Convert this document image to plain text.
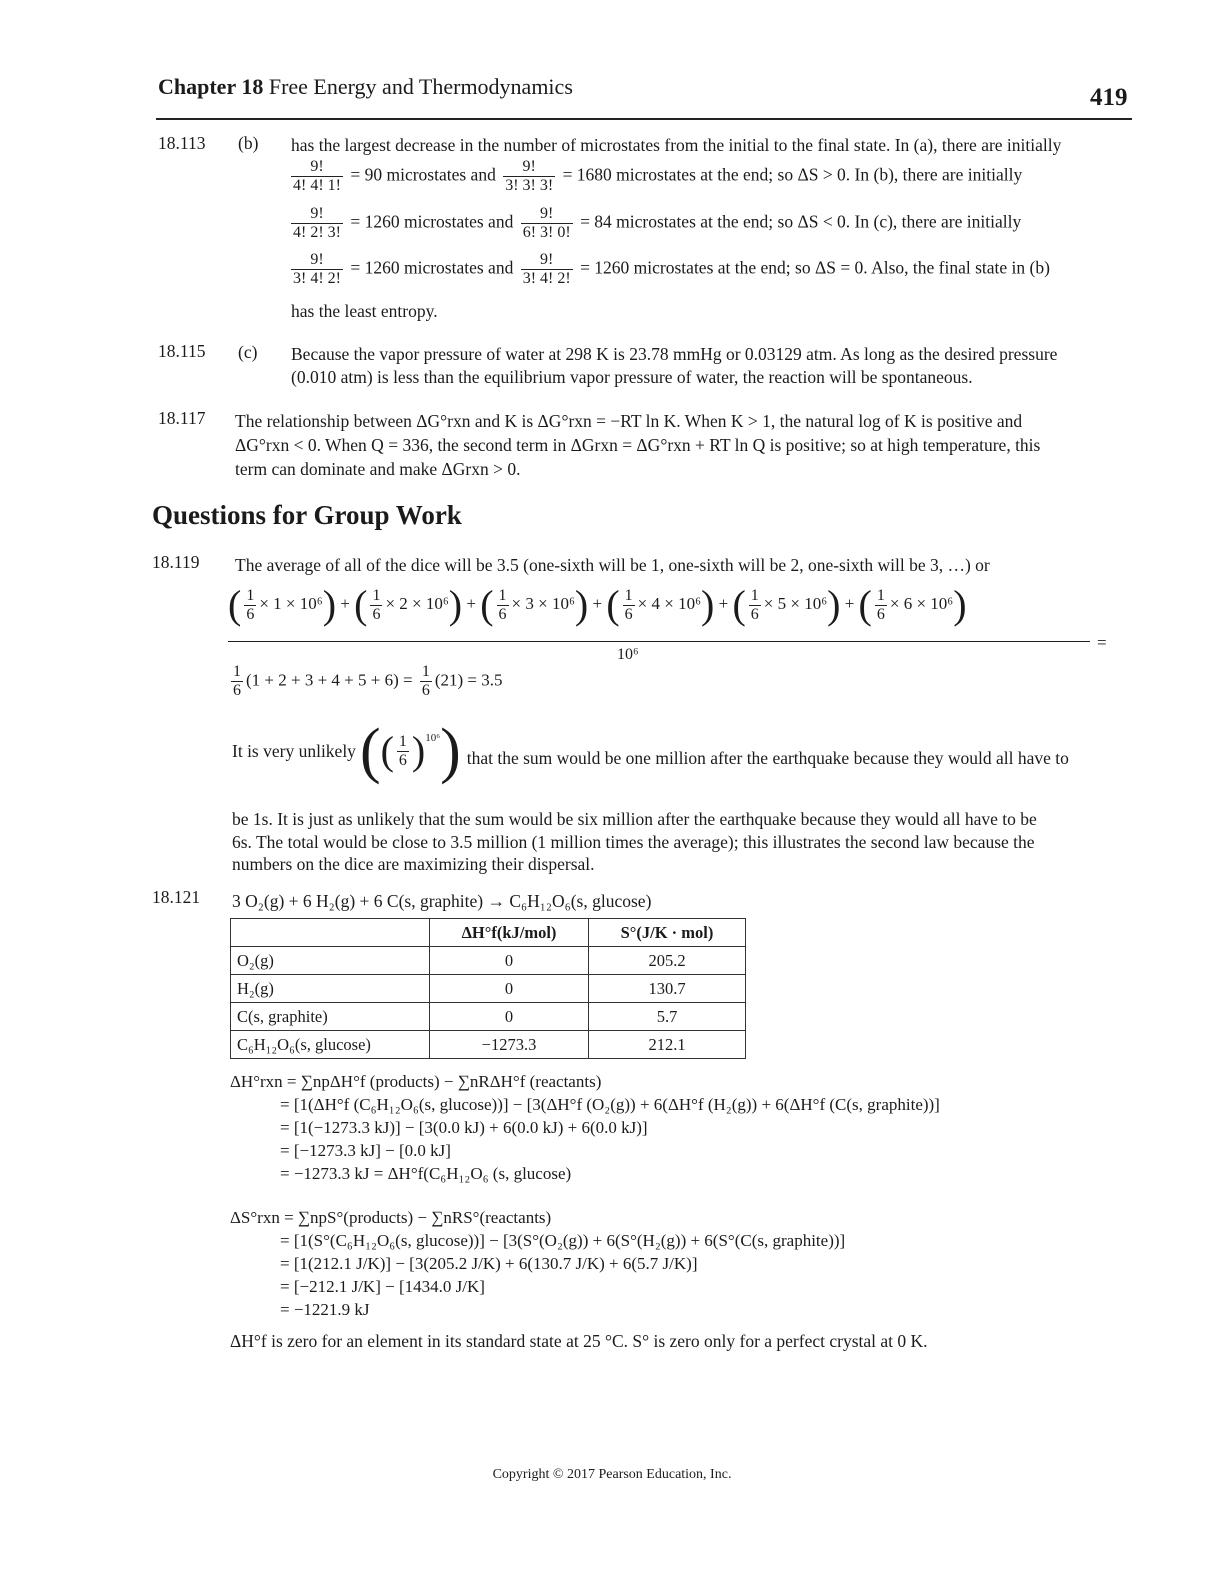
Chapter 18 Free Energy and Thermodynamics	419
18.113 (b) has the largest decrease in the number of microstates from the initial to the final state. In (a), there are initially
$\frac{9!}{4! 4! 1!} = 90$ microstates and $\frac{9!}{3! 3! 3!} = 1680$ microstates at the end; so ΔS > 0. In (b), there are initially
$\frac{9!}{4! 2! 3!} = 1260$ microstates and $\frac{9!}{6! 3! 0!} = 84$ microstates at the end; so ΔS < 0. In (c), there are initially
$\frac{9!}{3! 4! 2!} = 1260$ microstates and $\frac{9!}{3! 4! 2!} = 1260$ microstates at the end; so ΔS = 0. Also, the final state in (b)
has the least entropy.
18.115 (c) Because the vapor pressure of water at 298 K is 23.78 mmHg or 0.03129 atm. As long as the desired pressure
(0.010 atm) is less than the equilibrium vapor pressure of water, the reaction will be spontaneous.
18.117 The relationship between ΔG°rxn and K is ΔG°rxn = −RT ln K. When K > 1, the natural log of K is positive and
ΔG°rxn < 0. When Q = 336, the second term in ΔGrxn = ΔG°rxn + RT ln Q is positive; so at high temperature, this
term can dominate and make ΔGrxn > 0.
Questions for Group Work
18.119 The average of all of the dice will be 3.5 (one-sixth will be 1, one-sixth will be 2, one-sixth will be 3, …) or
( $\frac{1}{6} \times 1 \times 10^6$) + ( $\frac{1}{6} \times 2 \times 10^6$) + ( $\frac{1}{6} \times 3 \times 10^6$) + ( $\frac{1}{6} \times 4 \times 10^6$) + ( $\frac{1}{6} \times 5 \times 10^6$) + ( $\frac{1}{6} \times 6 \times 10^6$)
=
10⁶
$\frac{1}{6} (1 + 2 + 3 + 4 + 5 + 6) = \frac{1}{6} (21) = 3.5$
It is very unlikely ( ( $\frac{1}{6} )^{10^6}$ ) that the sum would be one million after the earthquake because they would all have to
be 1s. It is just as unlikely that the sum would be six million after the earthquake because they would all have to be
6s. The total would be close to 3.5 million (1 million times the average); this illustrates the second law because the
numbers on the dice are maximizing their dispersal.
18.121 3 O₂(g) + 6 H₂(g) + 6 C(s, graphite) → C₆H₁₂O₆(s, glucose)
	ΔH°f(kJ/mol)	S°(J/K · mol)
O₂(g)	0	205.2
H₂(g)	0	130.7
C(s, graphite)	0	5.7
C₆H₁₂O₆(s, glucose)	−1273.3	212.1
ΔH°rxn = ∑npΔH°f (products) − ∑nRΔH°f (reactants)
= [1(ΔH°f (C₆H₁₂O₆(s, glucose))] − [3(ΔH°f (O₂(g)) + 6(ΔH°f (H₂(g)) + 6(ΔH°f (C(s, graphite))]
= [1(−1273.3 kJ)] − [3(0.0 kJ) + 6(0.0 kJ) + 6(0.0 kJ)]
= [−1273.3 kJ] − [0.0 kJ]
= −1273.3 kJ = ΔH°f(C₆H₁₂O₆ (s, glucose)
ΔS°rxn = ∑npS°(products) − ∑nRS°(reactants)
= [1(S°(C₆H₁₂O₆(s, glucose))] − [3(S°(O₂(g)) + 6(S°(H₂(g)) + 6(S°(C(s, graphite))]
= [1(212.1 J/K)] − [3(205.2 J/K) + 6(130.7 J/K) + 6(5.7 J/K)]
= [−212.1 J/K] − [1434.0 J/K]
= −1221.9 kJ
ΔH°f is zero for an element in its standard state at 25 °C. S° is zero only for a perfect crystal at 0 K.
Copyright © 2017 Pearson Education, Inc.
